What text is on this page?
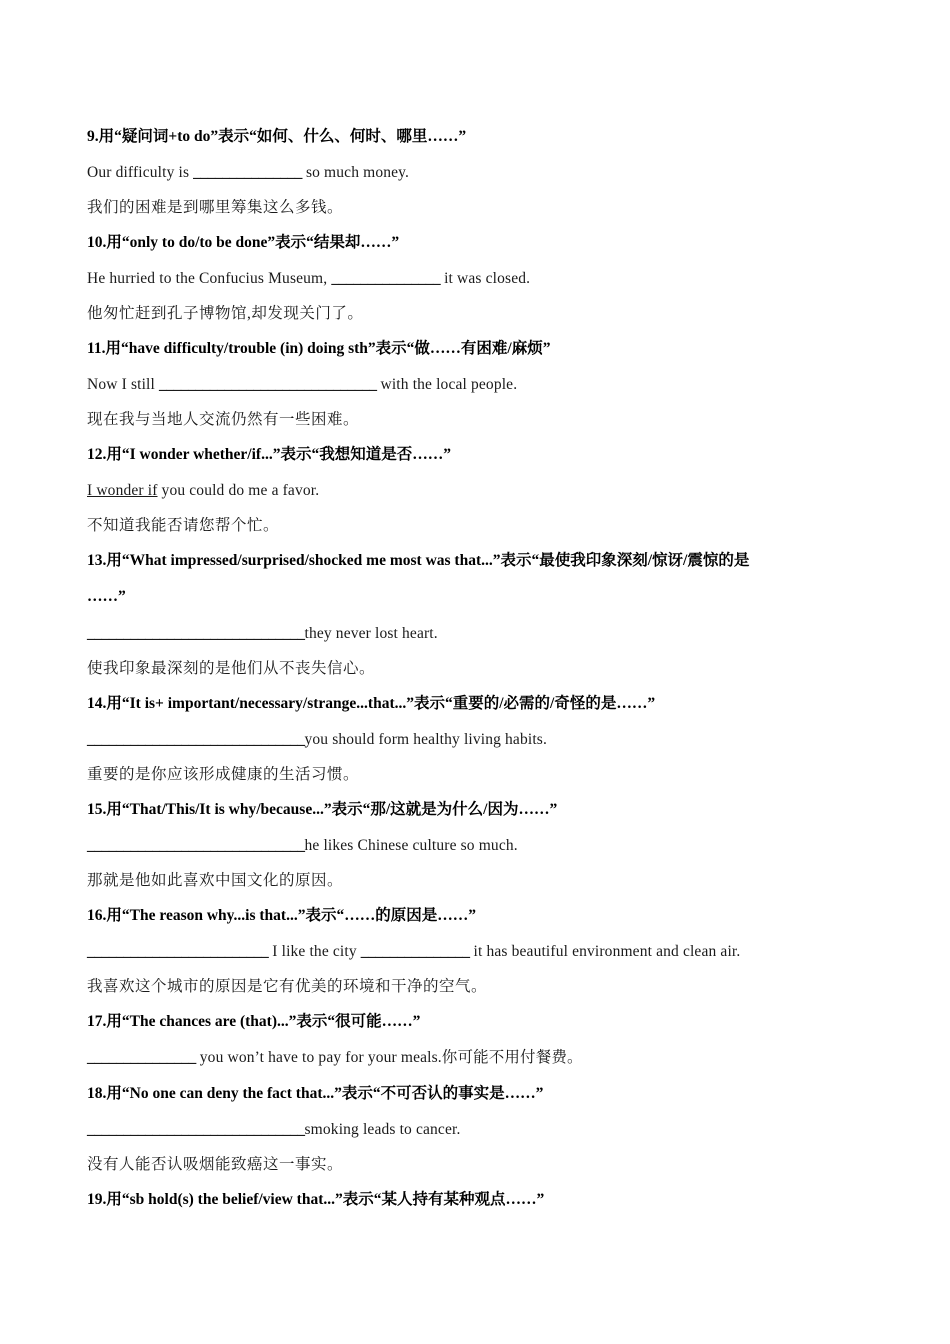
9.用“疑问词+to do”表示“如何、什么、何时、哪里……”
Our difficulty is _______________ so much money.
我们的困难是到哪里筹集这么多钱。
10.用“only to do/to be done”表示“结果却……”
He hurried to the Confucius Museum, _______________ it was closed.
他匆忙赶到孔子博物馆,却发现关门了。
11.用“have difficulty/trouble (in) doing sth”表示“做……有困难/麻烦”
Now I still ______________________________ with the local people.
现在我与当地人交流仍然有一些困难。
12.用“I wonder whether/if...”表示“我想知道是否……”
I wonder if you could do me a favor.
不知道我能否请您帮个忙。
13.用“What impressed/surprised/shocked me most was that...”表示“最使我印象深刻/惊讶/震惊的是
……”
______________________________they never lost heart.
使我印象最深刻的是他们从不丧失信心。
14.用“It is+ important/necessary/strange...that...”表示“重要的/必需的/奇怪的是……”
______________________________you should form healthy living habits.
重要的是你应该形成健康的生活习惯。
15.用“That/This/It is why/because...”表示“那/这就是为什么/因为……”
______________________________he likes Chinese culture so much.
那就是他如此喜欢中国文化的原因。
16.用“The reason why...is that...”表示“……的原因是……”
_________________________ I like the city _______________ it has beautiful environment and clean air.
我喜欢这个城市的原因是它有优美的环境和干净的空气。
17.用“The chances are (that)...”表示“很可能……”
_______________ you won’t have to pay for your meals.你可能不用付餐费。
18.用“No one can deny the fact that...”表示“不可否认的事实是……”
______________________________smoking leads to cancer.
没有人能否认吸烟能致癌这一事实。
19.用“sb hold(s) the belief/view that...”表示“某人持有某种观点……”
